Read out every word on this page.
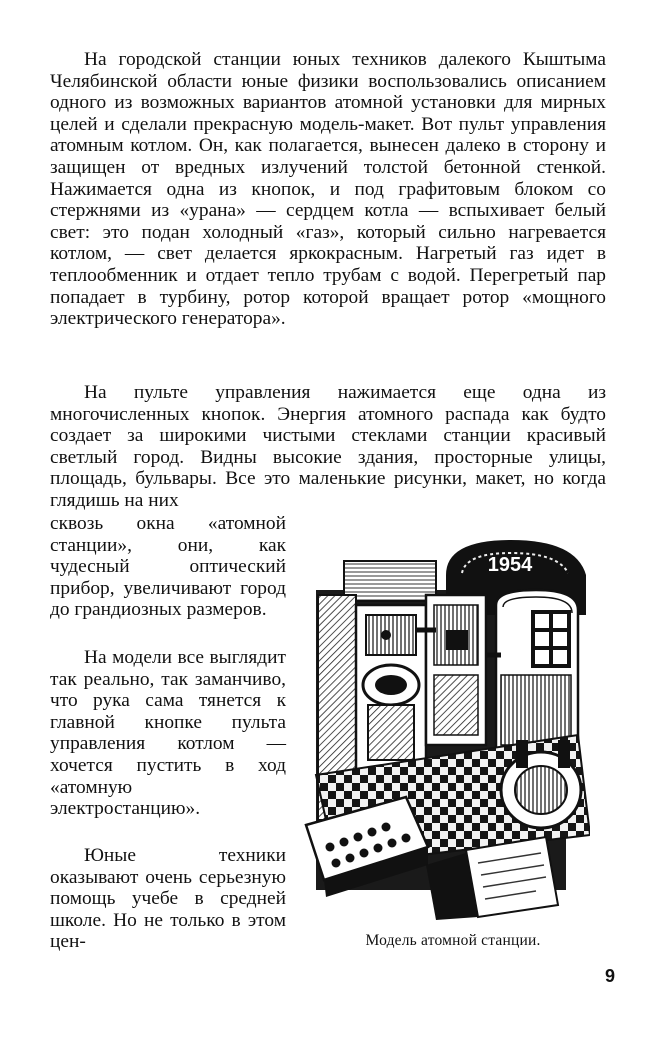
На городской станции юных техников далекого Кыштыма Челябинской области юные физики воспользовались описанием одного из возможных вариантов атомной установки для мирных целей и сделали прекрасную модель-макет. Вот пульт управления атомным котлом. Он, как полагается, вынесен далеко в сторону и защищен от вредных излучений толстой бетонной стенкой. Нажимается одна из кнопок, и под графитовым блоком со стержнями из «урана» — сердцем котла — вспыхивает белый свет: это подан холодный «газ», который сильно нагревается котлом, — свет делается яркокрасным. Нагретый газ идет в теплообменник и отдает тепло трубам с водой. Перегретый пар попадает в турбину, ротор которой вращает ротор «мощного электрического генератора».

На пульте управления нажимается еще одна из многочисленных кнопок. Энергия атомного распада как будто создает за широкими чистыми стеклами станции красивый светлый город. Видны высокие здания, просторные улицы, площадь, бульвары. Все это маленькие рисунки, макет, но когда глядишь на них

сквозь окна «атомной станции», они, как чудесный оптический прибор, увеличивают город до грандиозных размеров.

На модели все выглядит так реально, так заманчиво, что рука сама тянется к главной кнопке пульта управления котлом — хочется пустить в ход «атомную электростанцию».

Юные техники оказывают очень серьезную помощь учебе в средней школе. Но не только в этом цен-

1954

Модель атомной станции.

9
